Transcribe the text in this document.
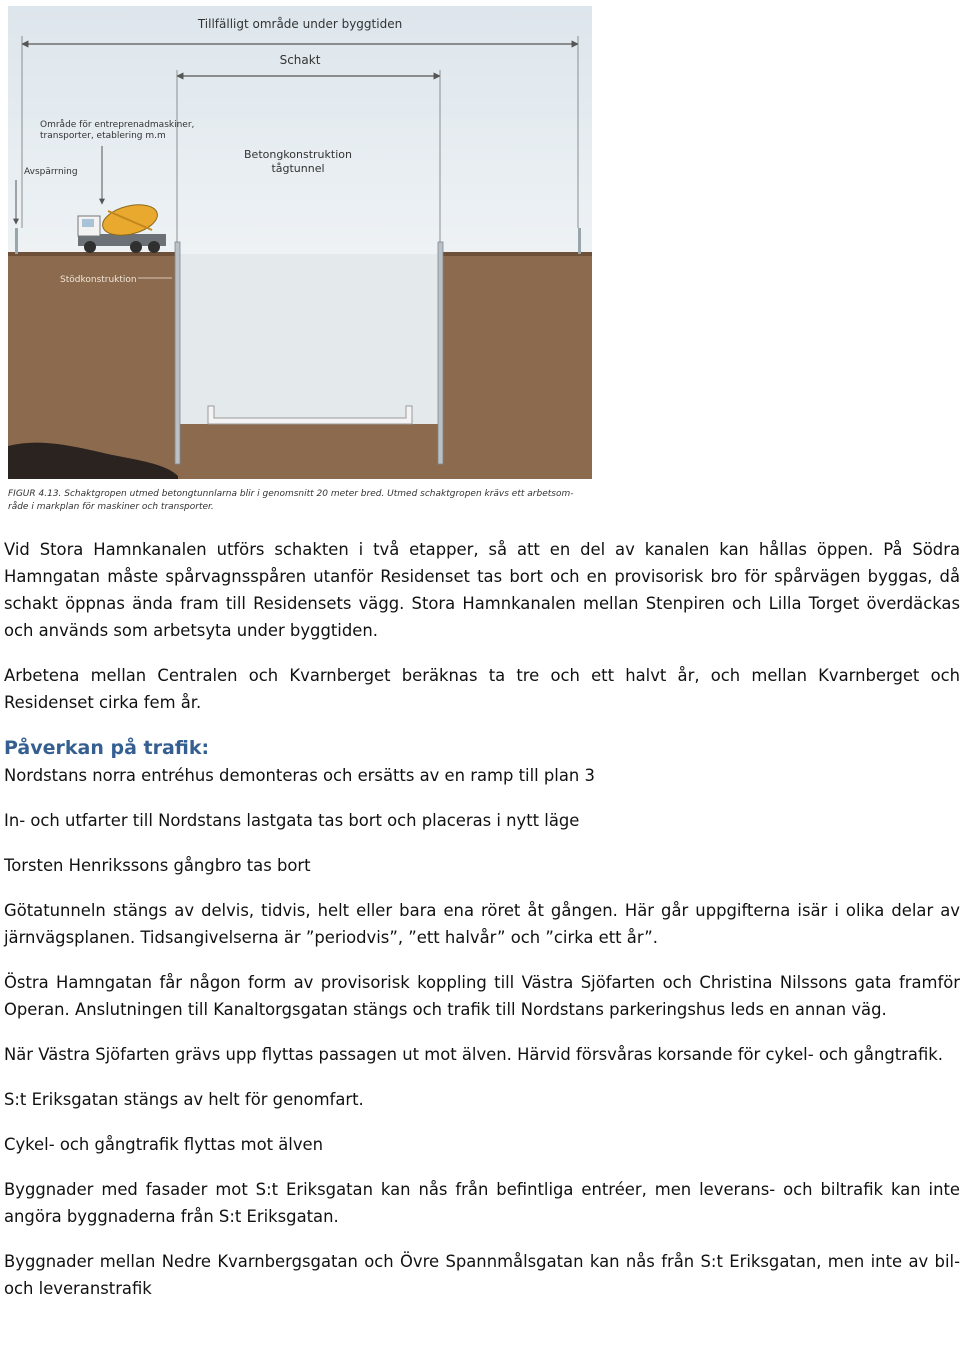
Tillfälligt område under byggtiden
Schakt
Område för entreprenadmaskiner,
transporter, etablering m.m
Avspärrning
Betongkonstruktion
tågtunnel
Stödkonstruktion
FIGUR 4.13. Schaktgropen utmed betongtunnlarna blir i genomsnitt 20 meter bred. Utmed schaktgropen krävs ett arbetsom-
råde i markplan för maskiner och transporter.

Vid Stora Hamnkanalen utförs schakten i två etapper, så att en del av kanalen kan hållas öppen. På Södra Hamngatan måste spårvagnsspåren utanför Residenset tas bort och en provisorisk bro för spårvägen byggas, då schakt öppnas ända fram till Residensets vägg. Stora Hamnkanalen mellan Stenpiren och Lilla Torget överdäckas och används som arbetsyta under byggtiden.

Arbetena mellan Centralen och Kvarnberget beräknas ta tre och ett halvt år, och mellan Kvarnberget och Residenset cirka fem år.

Påverkan på trafik:

Nordstans norra entréhus demonteras och ersätts av en ramp till plan 3

In- och utfarter till Nordstans lastgata tas bort och placeras i nytt läge

Torsten Henrikssons gångbro tas bort

Götatunneln stängs av delvis, tidvis, helt eller bara ena röret åt gången. Här går uppgifterna isär i olika delar av järnvägsplanen. Tidsangivelserna är ”periodvis”, ”ett halvår” och ”cirka ett år”.

Östra Hamngatan får någon form av provisorisk koppling till Västra Sjöfarten och Christina Nilssons gata framför Operan. Anslutningen till Kanaltorgsgatan stängs och trafik till Nordstans parkeringshus leds en annan väg.

När Västra Sjöfarten grävs upp flyttas passagen ut mot älven. Härvid försvåras korsande för cykel- och gångtrafik.

S:t Eriksgatan stängs av helt för genomfart.

Cykel- och gångtrafik flyttas mot älven

Byggnader med fasader mot S:t Eriksgatan kan nås från befintliga entréer, men leverans- och biltrafik kan inte angöra byggnaderna från S:t Eriksgatan.

Byggnader mellan Nedre Kvarnbergsgatan och Övre Spannmålsgatan kan nås från S:t Eriksgatan, men inte av bil- och leveranstrafik
